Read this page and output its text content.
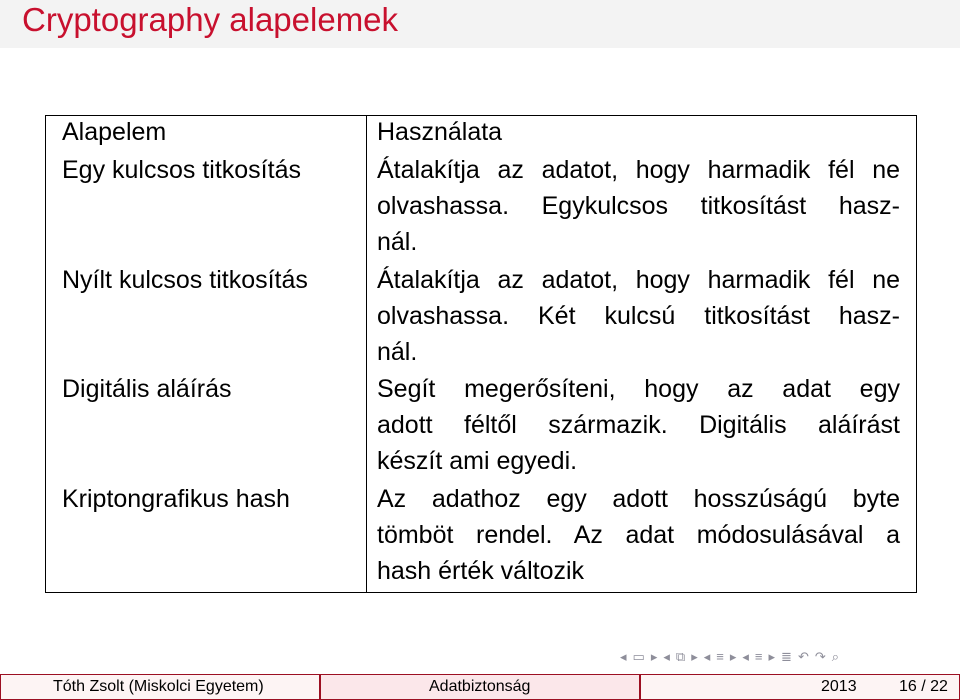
Cryptography alapelemek
Alapelem	Használata
Egy kulcsos titkosítás	Átalakítja az adatot, hogy harmadik fél ne
olvashassa. Egykulcsos titkosítást hasz-
nál.
Nyílt kulcsos titkosítás	Átalakítja az adatot, hogy harmadik fél ne
olvashassa. Két kulcsú titkosítást hasz-
nál.
Digitális aláírás	Segít megerősíteni, hogy az adat egy
adott féltől származik. Digitális aláírást
készít ami egyedi.
Kriptongrafikus hash	Az adathoz egy adott hosszúságú byte
tömböt rendel. Az adat módosulásával a
hash érték változik
◂ ▭ ▸ ◂ ⧉ ▸ ◂ ≡ ▸ ◂ ≡ ▸ ≣ ↶ ↷ ⌕
Tóth Zsolt (Miskolci Egyetem)	Adatbiztonság	2013	16 / 22
